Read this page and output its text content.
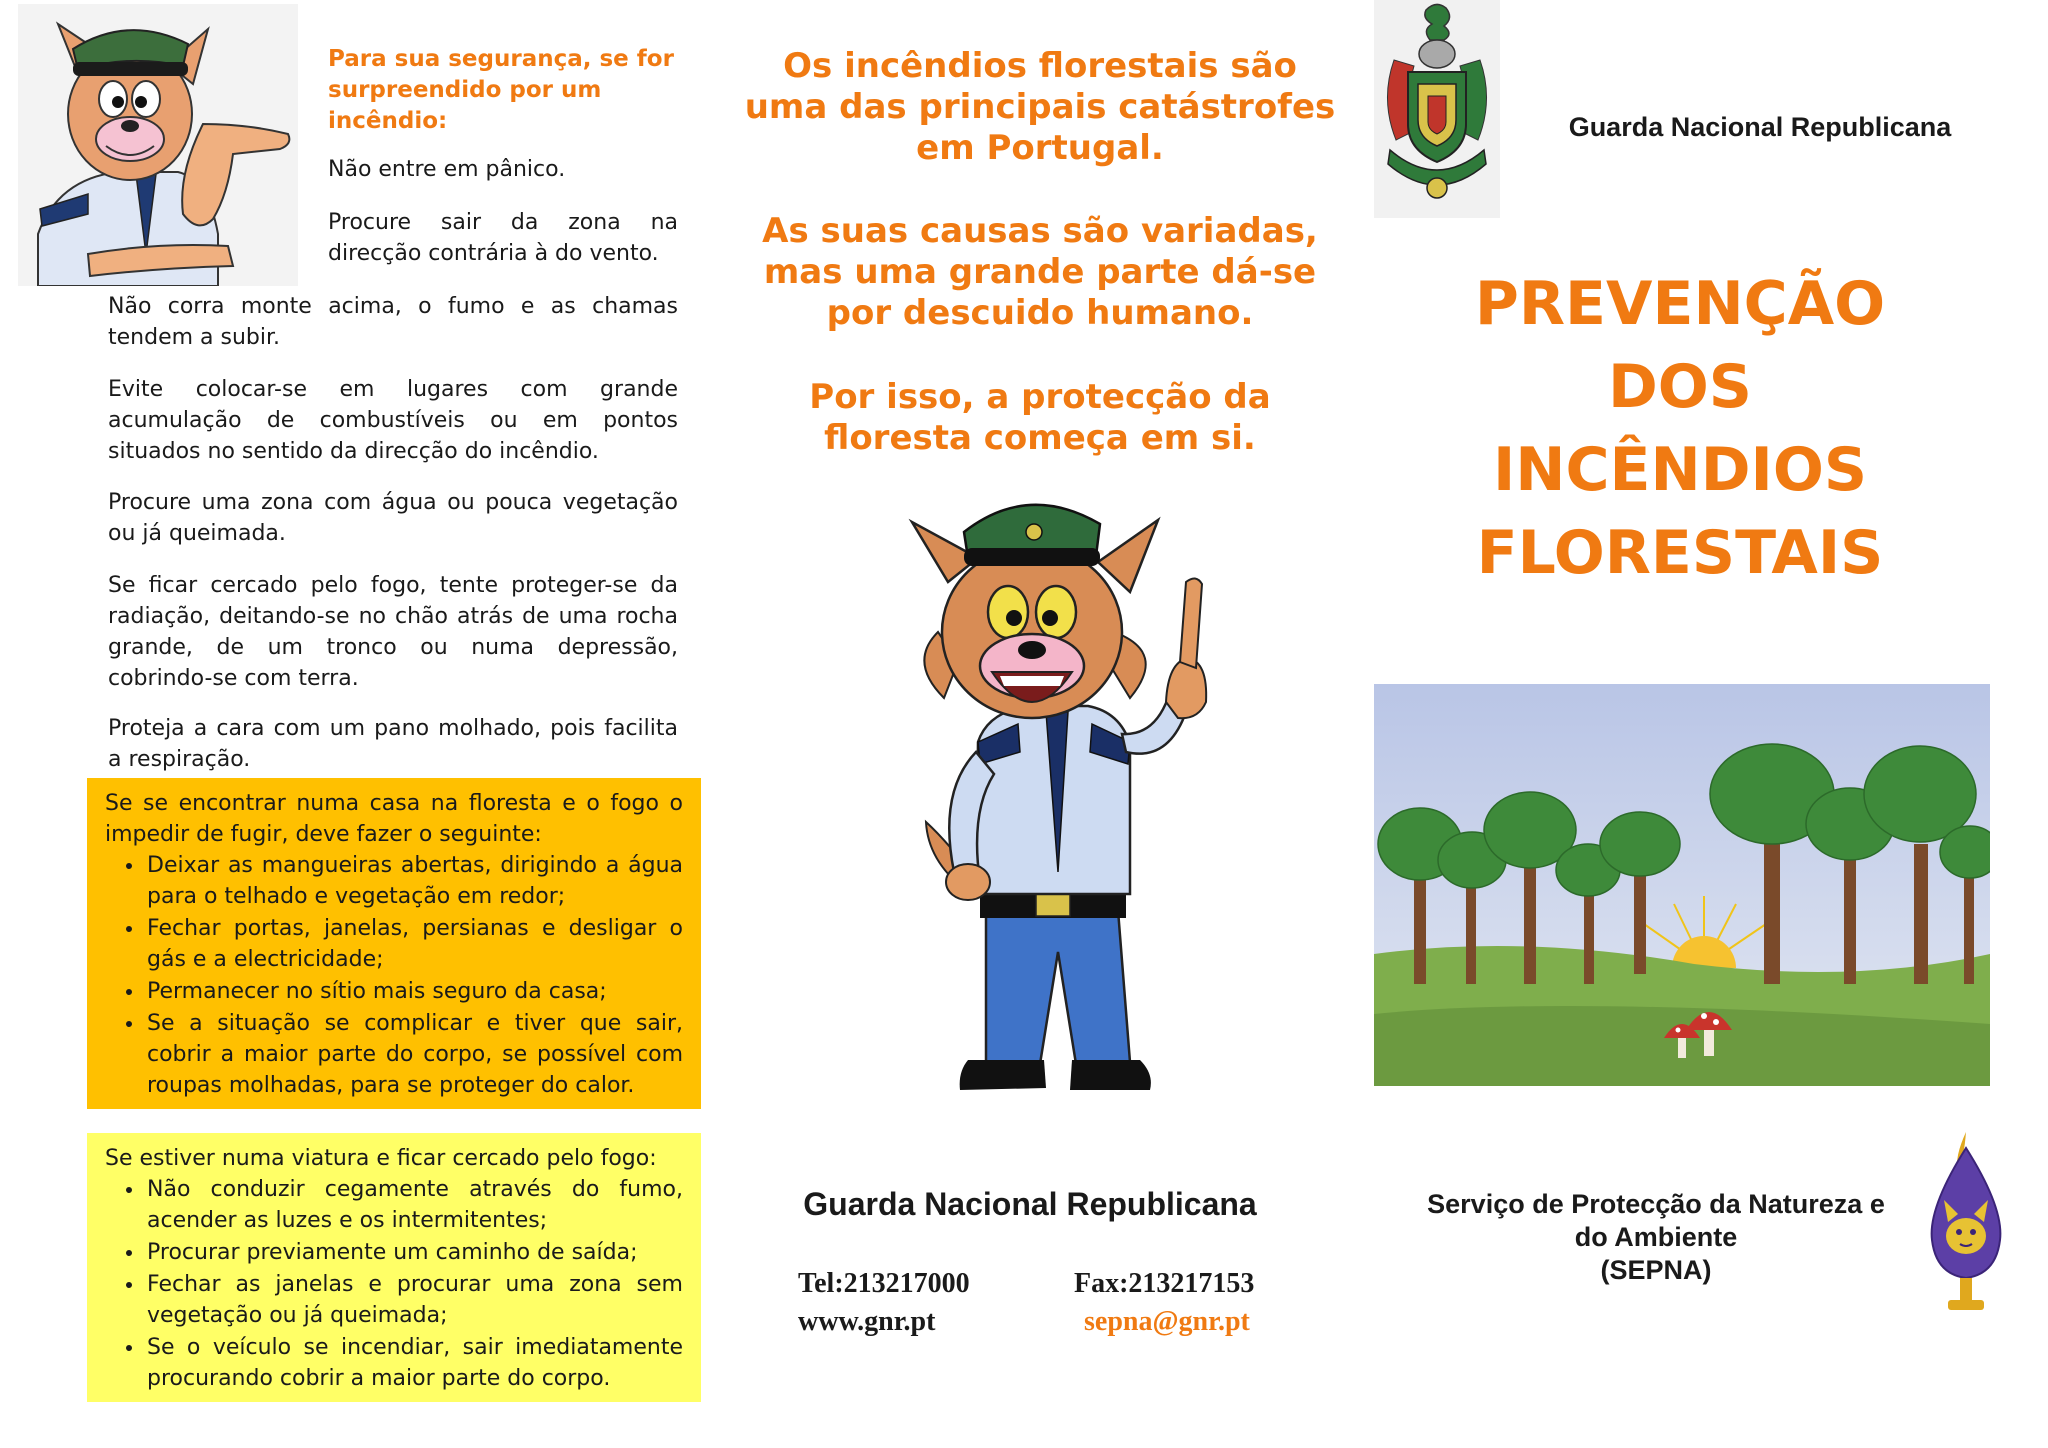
Para sua segurança, se for surpreendido por um incêndio:
Não entre em pânico.
Procure sair da zona na direcção contrária à do vento.
Não corra monte acima, o fumo e as chamas tendem a subir.
Evite colocar-se em lugares com grande acumulação de combustíveis ou em pontos situados no sentido da direcção do incêndio.
Procure uma zona com água ou pouca vegetação ou já queimada.
Se ficar cercado pelo fogo, tente proteger-se da radiação, deitando-se no chão atrás de uma rocha grande, de um tronco ou numa depressão, cobrindo-se com terra.
Proteja a cara com um pano molhado, pois facilita a respiração.
Se se encontrar numa casa na floresta e o fogo o impedir de fugir, deve fazer o seguinte:
• Deixar as mangueiras abertas, dirigindo a água para o telhado e vegetação em redor;
• Fechar portas, janelas, persianas e desligar o gás e a electricidade;
• Permanecer no sítio mais seguro da casa;
• Se a situação se complicar e tiver que sair, cobrir a maior parte do corpo, se possível com roupas molhadas, para se proteger do calor.
Se estiver numa viatura e ficar cercado pelo fogo:
• Não conduzir cegamente através do fumo, acender as luzes e os intermitentes;
• Procurar previamente um caminho de saída;
• Fechar as janelas e procurar uma zona sem vegetação ou já queimada;
• Se o veículo se incendiar, sair imediatamente procurando cobrir a maior parte do corpo.
Os incêndios florestais são uma das principais catástrofes em Portugal.
As suas causas são variadas, mas uma grande parte dá-se por descuido humano.
Por isso, a protecção da floresta começa em si.
Guarda Nacional Republicana
Tel:213217000	Fax:213217153
www.gnr.pt	sepna@gnr.pt
Guarda Nacional Republicana
PREVENÇÃO
DOS
INCÊNDIOS
FLORESTAIS
Serviço de Protecção da Natureza e
do Ambiente
(SEPNA)
